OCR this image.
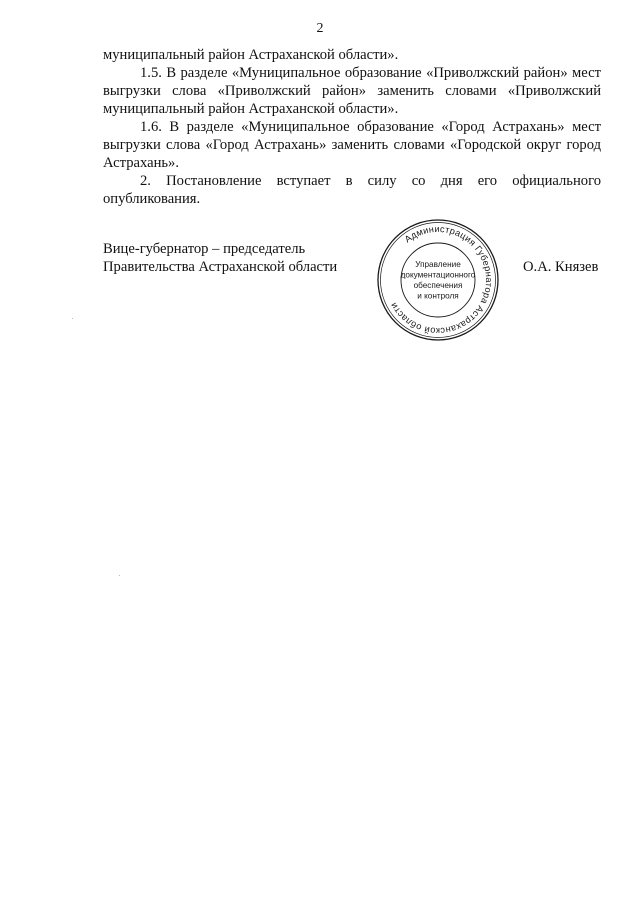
2

муниципальный район Астраханской области».

1.5. В разделе «Муниципальное образование «Приволжский район» мест выгрузки слова «Приволжский район» заменить словами «Приволжский муниципальный район Астраханской области».

1.6. В разделе «Муниципальное образование «Город Астрахань» мест выгрузки слова «Город Астрахань» заменить словами «Городской округ город Астрахань».

2. Постановление вступает в силу со дня его официального опубликования.

Вице-губернатор – председатель
Правительства Астраханской области
Администрация Губернатора Астраханской области
Управление
документационного
обеспечения
и контроля
О.А. Князев
